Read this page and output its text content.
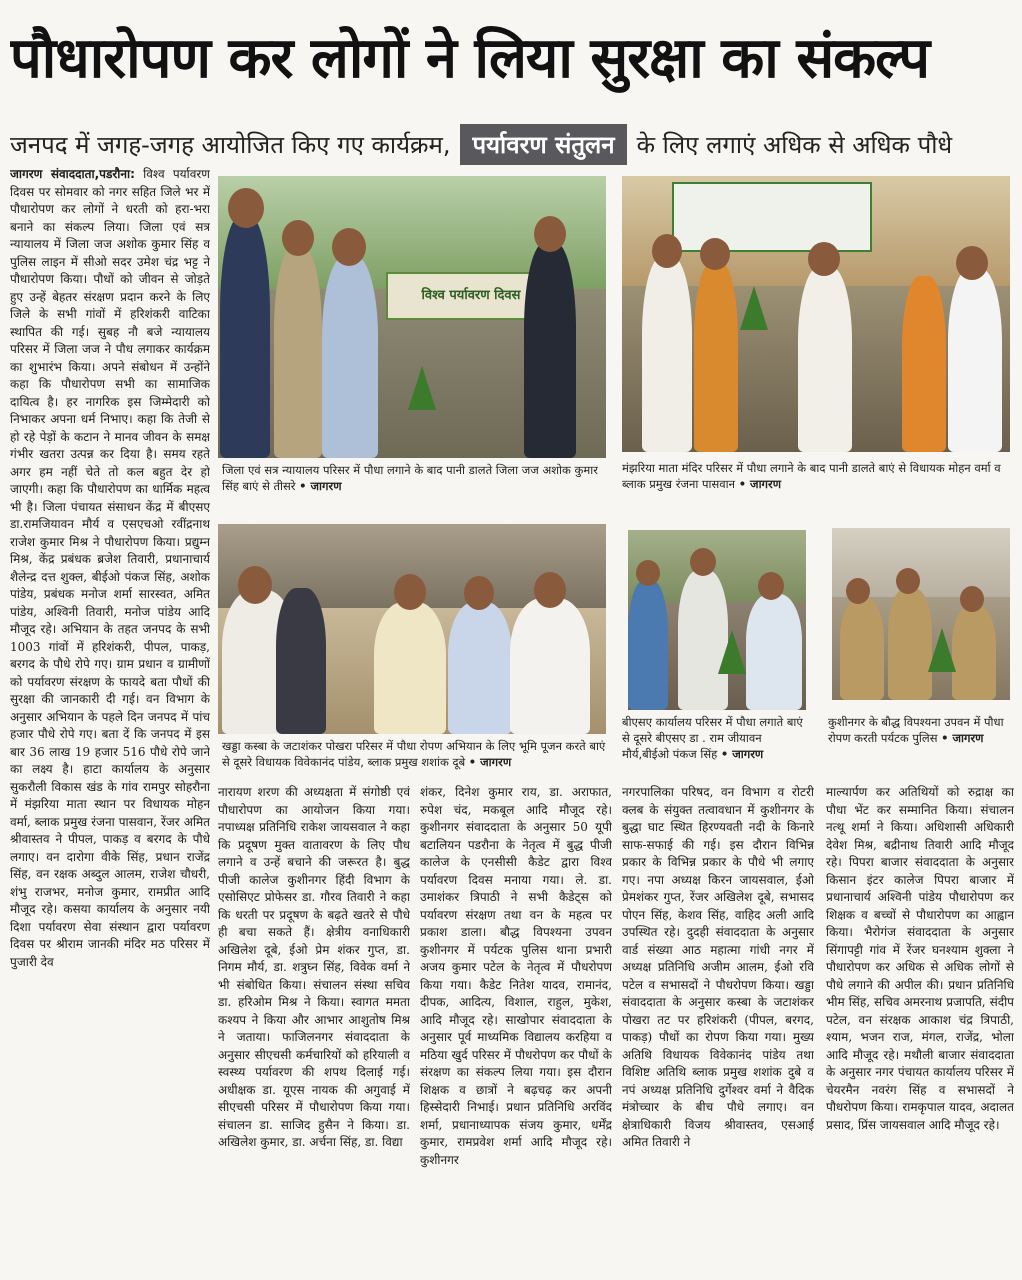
पौधारोपण कर लोगों ने लिया सुरक्षा का संकल्प
जनपद में जगह-जगह आयोजित किए गए कार्यक्रम, पर्यावरण संतुलन के लिए लगाएं अधिक से अधिक पौधे
जागरण संवाददाता,पडरौना: विश्व पर्यावरण दिवस पर सोमवार को नगर सहित जिले भर में पौधारोपण कर लोगों ने धरती को हरा-भरा बनाने का संकल्प लिया। जिला एवं सत्र न्यायालय में जिला जज अशोक कुमार सिंह व पुलिस लाइन में सीओ सदर उमेश चंद्र भट्ट ने पौधारोपण किया। पौधों को जीवन से जोड़ते हुए उन्हें बेहतर संरक्षण प्रदान करने के लिए जिले के सभी गांवों में हरिशंकरी वाटिका स्थापित की गई। सुबह नौ बजे न्यायालय परिसर में जिला जज ने पौध लगाकर कार्यक्रम का शुभारंभ किया। अपने संबोधन में उन्होंने कहा कि पौधारोपण सभी का सामाजिक दायित्व है। हर नागरिक इस जिम्मेदारी को निभाकर अपना धर्म निभाए। कहा कि तेजी से हो रहे पेड़ों के कटान ने मानव जीवन के समक्ष गंभीर खतरा उत्पन्न कर दिया है। समय रहते अगर हम नहीं चेते तो कल बहुत देर हो जाएगी। कहा कि पौधारोपण का धार्मिक महत्व भी है। जिला पंचायत संसाधन केंद्र में बीएसए डा.रामजियावन मौर्य व एसएचओ रवींद्रनाथ राजेश कुमार मिश्र ने पौधारोपण किया। प्रद्युम्न मिश्र, केंद्र प्रबंधक ब्रजेश तिवारी, प्रधानाचार्य शैलेन्द्र दत्त शुक्ल, बीईओ पंकज सिंह, अशोक पांडेय, प्रबंधक मनोज शर्मा सारस्वत, अमित पांडेय, अश्विनी तिवारी, मनोज पांडेय आदि मौजूद रहे। अभियान के तहत जनपद के सभी 1003 गांवों में हरिशंकरी, पीपल, पाकड़, बरगद के पौधे रोपे गए। ग्राम प्रधान व ग्रामीणों को पर्यावरण संरक्षण के फायदे बता पौधों की सुरक्षा की जानकारी दी गई। वन विभाग के अनुसार अभियान के पहले दिन जनपद में पांच हजार पौधे रोपे गए। बता दें कि जनपद में इस बार 36 लाख 19 हजार 516 पौधे रोपे जाने का लक्ष्य है। हाटा कार्यालय के अनुसार सुकरौली विकास खंड के गांव रामपुर सोहरौना में मंझरिया माता स्थान पर विधायक मोहन वर्मा, ब्लाक प्रमुख रंजना पासवान, रेंजर अमित श्रीवास्तव ने पीपल, पाकड़ व बरगद के पौधे लगाए। वन दारोगा वीके सिंह, प्रधान राजेंद्र सिंह, वन रक्षक अब्दुल आलम, राजेश चौधरी, शंभु राजभर, मनोज कुमार, रामप्रीत आदि मौजूद रहे। कसया कार्यालय के अनुसार नयी दिशा पर्यावरण सेवा संस्थान द्वारा पर्यावरण दिवस पर श्रीराम जानकी मंदिर मठ परिसर में पुजारी देव
विश्व पर्यावरण दिवस
जिला एवं सत्र न्यायालय परिसर में पौधा लगाने के बाद पानी डालते जिला जज अशोक कुमार सिंह बाएं से तीसरे • जागरण
मंझरिया माता मंदिर परिसर में पौधा लगाने के बाद पानी डालते बाएं से विधायक मोहन वर्मा व ब्लाक प्रमुख रंजना पासवान • जागरण
खड्डा कस्बा के जटाशंकर पोखरा परिसर में पौधा रोपण अभियान के लिए भूमि पूजन करते बाएं से दूसरे विधायक विवेकानंद पांडेय, ब्लाक प्रमुख शशांक दूबे • जागरण
बीएसए कार्यालय परिसर में पौधा लगाते बाएं से दूसरे बीएसए डा . राम जीयावन मौर्य,बीईओ पंकज सिंह • जागरण
कुशीनगर के बौद्ध विपश्यना उपवन में पौधा रोपण करती पर्यटक पुलिस • जागरण
नारायण शरण की अध्यक्षता में संगोष्ठी एवं पौधारोपण का आयोजन किया गया। नपाध्यक्ष प्रतिनिधि राकेश जायसवाल ने कहा कि प्रदूषण मुक्त वातावरण के लिए पौध लगाने व उन्हें बचाने की जरूरत है। बुद्ध पीजी कालेज कुशीनगर हिंदी विभाग के एसोसिएट प्रोफेसर डा. गौरव तिवारी ने कहा कि धरती पर प्रदूषण के बढ़ते खतरे से पौधे ही बचा सकते हैं। क्षेत्रीय वनाधिकारी अखिलेश दूबे, ईओ प्रेम शंकर गुप्त, डा. निगम मौर्य, डा. शत्रुघ्न सिंह, विवेक वर्मा ने भी संबोधित किया। संचालन संस्था सचिव डा. हरिओम मिश्र ने किया। स्वागत ममता कश्यप ने किया और आभार आशुतोष मिश्र ने जताया। फाजिलनगर संवाददाता के अनुसार सीएचसी कर्मचारियों को हरियाली व स्वस्थ्य पर्यावरण की शपथ दिलाई गई। अधीक्षक डा. यूएस नायक की अगुवाई में सीएचसी परिसर में पौधारोपण किया गया। संचालन डा. साजिद हुसैन ने किया। डा. अखिलेश कुमार, डा. अर्चना सिंह, डा. विद्या
शंकर, दिनेश कुमार राय, डा. अराफात, रुपेश चंद, मकबूल आदि मौजूद रहे। कुशीनगर संवाददाता के अनुसार 50 यूपी बटालियन पडरौना के नेतृत्व में बुद्ध पीजी कालेज के एनसीसी कैडेट द्वारा विश्व पर्यावरण दिवस मनाया गया। ले. डा. उमाशंकर त्रिपाठी ने सभी कैडेट्स को पर्यावरण संरक्षण तथा वन के महत्व पर प्रकाश डाला। बौद्ध विपश्यना उपवन कुशीनगर में पर्यटक पुलिस थाना प्रभारी अजय कुमार पटेल के नेतृत्व में पौधरोपण किया गया। कैडेट नितेश यादव, रामानंद, दीपक, आदित्य, विशाल, राहुल, मुकेश, आदि मौजूद रहे। साखोपार संवाददाता के अनुसार पूर्व माध्यमिक विद्यालय करहिया व मठिया खुर्द परिसर में पौधरोपण कर पौधों के संरक्षण का संकल्प लिया गया। इस दौरान शिक्षक व छात्रों ने बढ़चढ़ कर अपनी हिस्सेदारी निभाई। प्रधान प्रतिनिधि अरविंद शर्मा, प्रधानाध्यापक संजय कुमार, धर्मेंद्र कुमार, रामप्रवेश शर्मा आदि मौजूद रहे। कुशीनगर
नगरपालिका परिषद, वन विभाग व रोटरी क्लब के संयुक्त तत्वावधान में कुशीनगर के बुद्धा घाट स्थित हिरण्यवती नदी के किनारे साफ-सफाई की गई। इस दौरान विभिन्न प्रकार के विभिन्न प्रकार के पौधे भी लगाए गए। नपा अध्यक्ष किरन जायसवाल, ईओ प्रेमशंकर गुप्त, रेंजर अखिलेश दूबे, सभासद पोएन सिंह, केशव सिंह, वाहिद अली आदि उपस्थित रहे। दुदही संवाददाता के अनुसार वार्ड संख्या आठ महात्मा गांधी नगर में अध्यक्ष प्रतिनिधि अजीम आलम, ईओ रवि पटेल व सभासदों ने पौधरोपण किया। खड्डा संवाददाता के अनुसार कस्बा के जटाशंकर पोखरा तट पर हरिशंकरी (पीपल, बरगद, पाकड़) पौधों का रोपण किया गया। मुख्य अतिथि विधायक विवेकानंद पांडेय तथा विशिष्ट अतिथि ब्लाक प्रमुख शशांक दुबे व नपं अध्यक्ष प्रतिनिधि दुर्गेश्वर वर्मा ने वैदिक मंत्रोच्चार के बीच पौधे लगाए। वन क्षेत्राधिकारी विजय श्रीवास्तव, एसआई अमित तिवारी ने
माल्यार्पण कर अतिथियों को रुद्राक्ष का पौधा भेंट कर सम्मानित किया। संचालन नत्थू शर्मा ने किया। अधिशासी अधिकारी देवेश मिश्र, बद्रीनाथ तिवारी आदि मौजूद रहे। पिपरा बाजार संवाददाता के अनुसार किसान इंटर कालेज पिपरा बाजार में प्रधानाचार्य अश्विनी पांडेय पौधारोपण कर शिक्षक व बच्चों से पौधारोपण का आह्वान किया। भैरोगंज संवाददाता के अनुसार सिंगापट्टी गांव में रेंजर घनश्याम शुक्ला ने पौधारोपण कर अधिक से अधिक लोगों से पौधे लगाने की अपील की। प्रधान प्रतिनिधि भीम सिंह, सचिव अमरनाथ प्रजापति, संदीप पटेल, वन संरक्षक आकाश चंद्र त्रिपाठी, श्याम, भजन राज, मंगल, राजेंद्र, भोला आदि मौजूद रहे। मथौली बाजार संवाददाता के अनुसार नगर पंचायत कार्यालय परिसर में चेयरमैन नवरंग सिंह व सभासदों ने पौधरोपण किया। रामकृपाल यादव, अदालत प्रसाद, प्रिंस जायसवाल आदि मौजूद रहे।
